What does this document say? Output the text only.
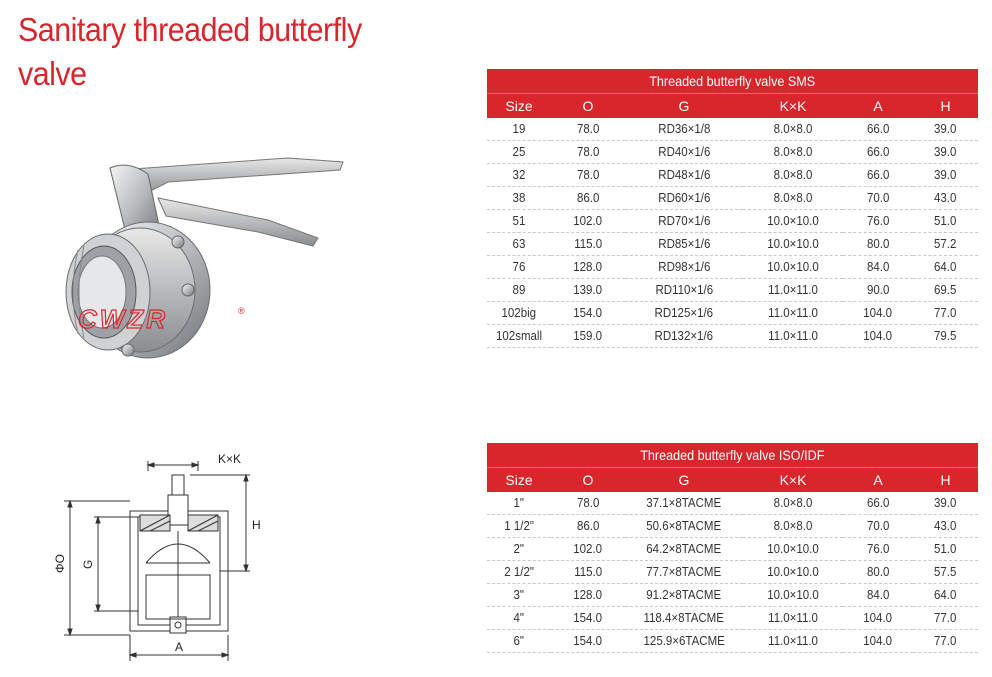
Sanitary threaded butterfly valve
CWZR	®
K×K
ΦO G
H
A
Threaded butterfly valve SMS					
Size	O	G	K×K	A	H
19	78.0	RD36×1/8	8.0×8.0	66.0	39.0
25	78.0	RD40×1/6	8.0×8.0	66.0	39.0
32	78.0	RD48×1/6	8.0×8.0	66.0	39.0
38	86.0	RD60×1/6	8.0×8.0	70.0	43.0
51	102.0	RD70×1/6	10.0×10.0	76.0	51.0
63	115.0	RD85×1/6	10.0×10.0	80.0	57.2
76	128.0	RD98×1/6	10.0×10.0	84.0	64.0
89	139.0	RD110×1/6	11.0×11.0	90.0	69.5
102big	154.0	RD125×1/6	11.0×11.0	104.0	77.0
102small	159.0	RD132×1/6	11.0×11.0	104.0	79.5
Threaded butterfly valve ISO/IDF					
Size	O	G	K×K	A	H
1"	78.0	37.1×8TACME	8.0×8.0	66.0	39.0
1 1/2"	86.0	50.6×8TACME	8.0×8.0	70.0	43.0
2"	102.0	64.2×8TACME	10.0×10.0	76.0	51.0
2 1/2"	115.0	77.7×8TACME	10.0×10.0	80.0	57.5
3"	128.0	91.2×8TACME	10.0×10.0	84.0	64.0
4"	154.0	118.4×8TACME	11.0×11.0	104.0	77.0
6"	154.0	125.9×6TACME	11.0×11.0	104.0	77.0
